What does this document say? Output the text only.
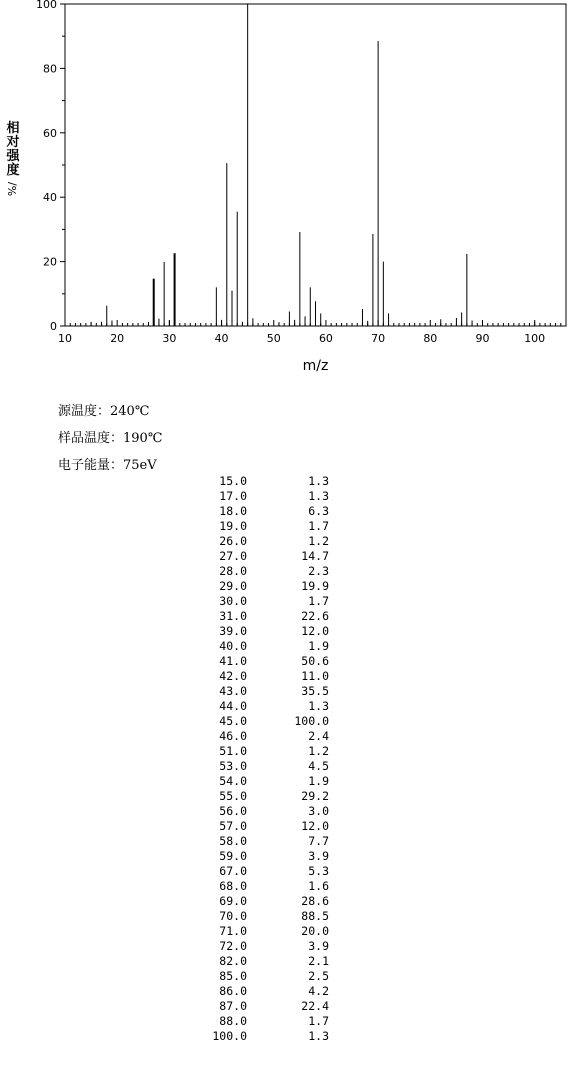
0
20
40
60
80
100
10	20	30	40	50	60	70	80	90	100
m/z
相对强度
%/
源温度：240℃
样品温度：190℃
电子能量：75eV
15.0	1.3
17.0	1.3
18.0	6.3
19.0	1.7
26.0	1.2
27.0	14.7
28.0	2.3
29.0	19.9
30.0	1.7
31.0	22.6
39.0	12.0
40.0	1.9
41.0	50.6
42.0	11.0
43.0	35.5
44.0	1.3
45.0	100.0
46.0	2.4
51.0	1.2
53.0	4.5
54.0	1.9
55.0	29.2
56.0	3.0
57.0	12.0
58.0	7.7
59.0	3.9
67.0	5.3
68.0	1.6
69.0	28.6
70.0	88.5
71.0	20.0
72.0	3.9
82.0	2.1
85.0	2.5
86.0	4.2
87.0	22.4
88.0	1.7
100.0	1.3
